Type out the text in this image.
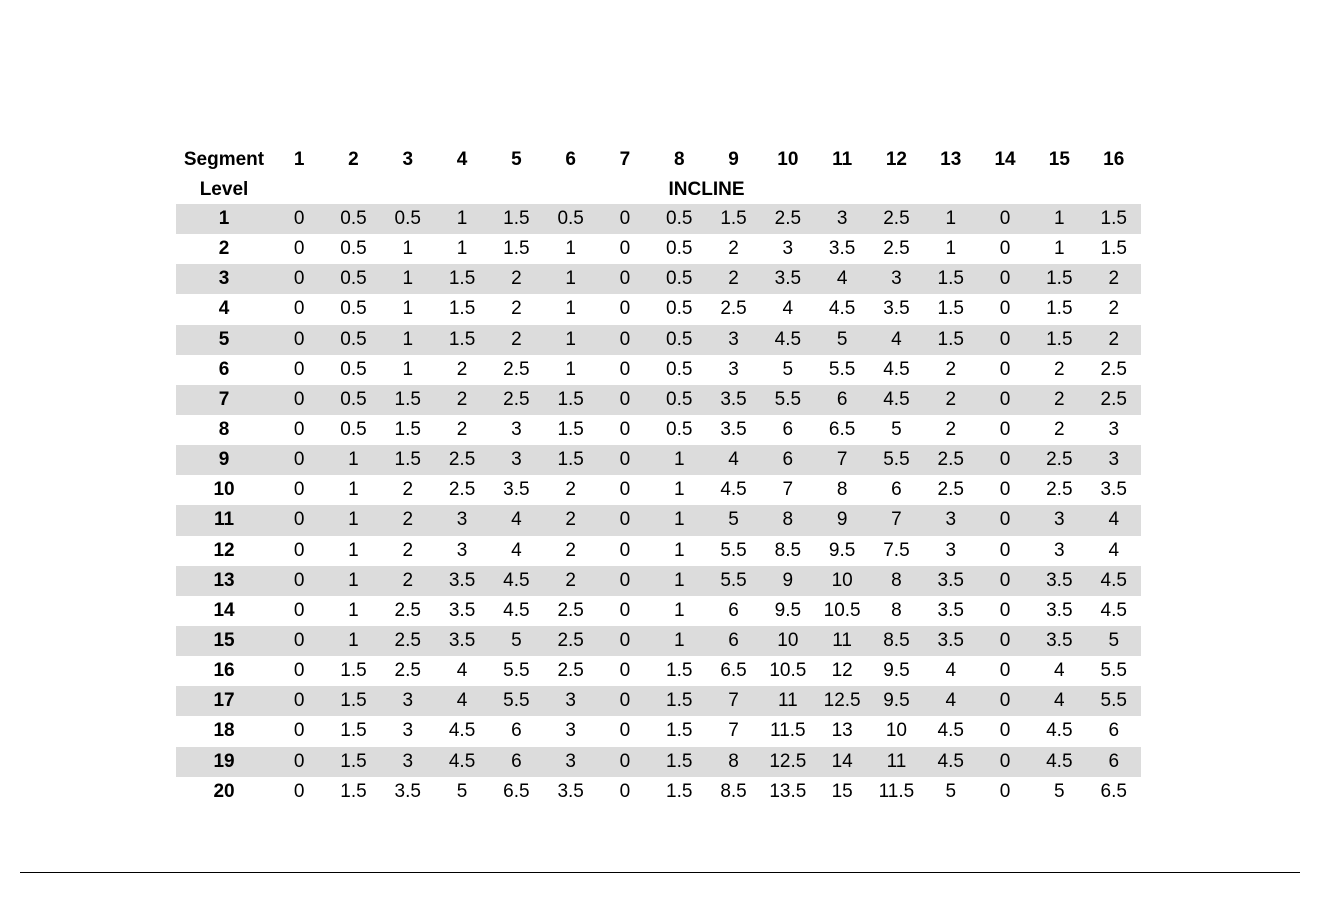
Segment	1	2	3	4	5	6	7	8	9	10	11	12	13	14	15	16
Level	INCLINE															
1	0	0.5	0.5	1	1.5	0.5	0	0.5	1.5	2.5	3	2.5	1	0	1	1.5
2	0	0.5	1	1	1.5	1	0	0.5	2	3	3.5	2.5	1	0	1	1.5
3	0	0.5	1	1.5	2	1	0	0.5	2	3.5	4	3	1.5	0	1.5	2
4	0	0.5	1	1.5	2	1	0	0.5	2.5	4	4.5	3.5	1.5	0	1.5	2
5	0	0.5	1	1.5	2	1	0	0.5	3	4.5	5	4	1.5	0	1.5	2
6	0	0.5	1	2	2.5	1	0	0.5	3	5	5.5	4.5	2	0	2	2.5
7	0	0.5	1.5	2	2.5	1.5	0	0.5	3.5	5.5	6	4.5	2	0	2	2.5
8	0	0.5	1.5	2	3	1.5	0	0.5	3.5	6	6.5	5	2	0	2	3
9	0	1	1.5	2.5	3	1.5	0	1	4	6	7	5.5	2.5	0	2.5	3
10	0	1	2	2.5	3.5	2	0	1	4.5	7	8	6	2.5	0	2.5	3.5
11	0	1	2	3	4	2	0	1	5	8	9	7	3	0	3	4
12	0	1	2	3	4	2	0	1	5.5	8.5	9.5	7.5	3	0	3	4
13	0	1	2	3.5	4.5	2	0	1	5.5	9	10	8	3.5	0	3.5	4.5
14	0	1	2.5	3.5	4.5	2.5	0	1	6	9.5	10.5	8	3.5	0	3.5	4.5
15	0	1	2.5	3.5	5	2.5	0	1	6	10	11	8.5	3.5	0	3.5	5
16	0	1.5	2.5	4	5.5	2.5	0	1.5	6.5	10.5	12	9.5	4	0	4	5.5
17	0	1.5	3	4	5.5	3	0	1.5	7	11	12.5	9.5	4	0	4	5.5
18	0	1.5	3	4.5	6	3	0	1.5	7	11.5	13	10	4.5	0	4.5	6
19	0	1.5	3	4.5	6	3	0	1.5	8	12.5	14	11	4.5	0	4.5	6
20	0	1.5	3.5	5	6.5	3.5	0	1.5	8.5	13.5	15	11.5	5	0	5	6.5
